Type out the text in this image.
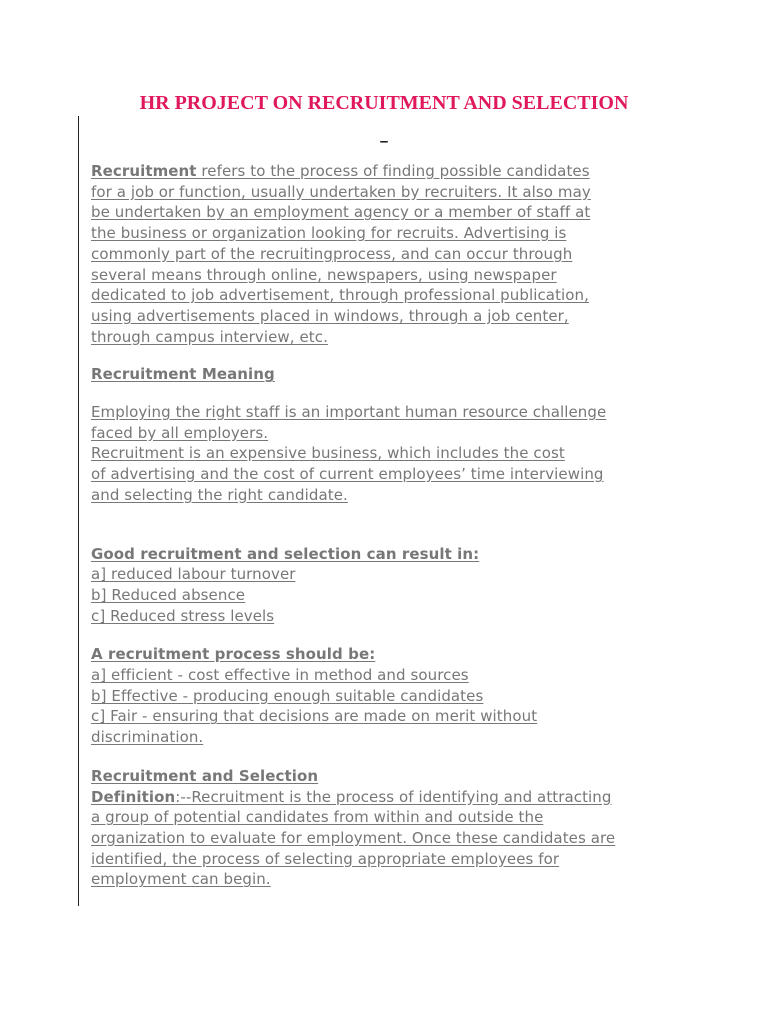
HR PROJECT ON RECRUITMENT AND SELECTION
_

Recruitment refers to the process of finding possible candidates
for a job or function, usually undertaken by recruiters. It also may
be undertaken by an employment agency or a member of staff at
the business or organization looking for recruits. Advertising is
commonly part of the recruitingprocess, and can occur through
several means through online, newspapers, using newspaper
dedicated to job advertisement, through professional publication,
using advertisements placed in windows, through a job center,
through campus interview, etc.

Recruitment Meaning

Employing the right staff is an important human resource challenge
faced by all employers.
Recruitment is an expensive business, which includes the cost
of advertising and the cost of current employees’ time interviewing
and selecting the right candidate.

Good recruitment and selection can result in:

a] reduced labour turnover
b] Reduced absence
c] Reduced stress levels

A recruitment process should be:

a] efficient - cost effective in method and sources
b] Effective - producing enough suitable candidates
c] Fair - ensuring that decisions are made on merit without
discrimination.

Recruitment and Selection

Definition:--Recruitment is the process of identifying and attracting
a group of potential candidates from within and outside the
organization to evaluate for employment. Once these candidates are
identified, the process of selecting appropriate employees for
employment can begin.
